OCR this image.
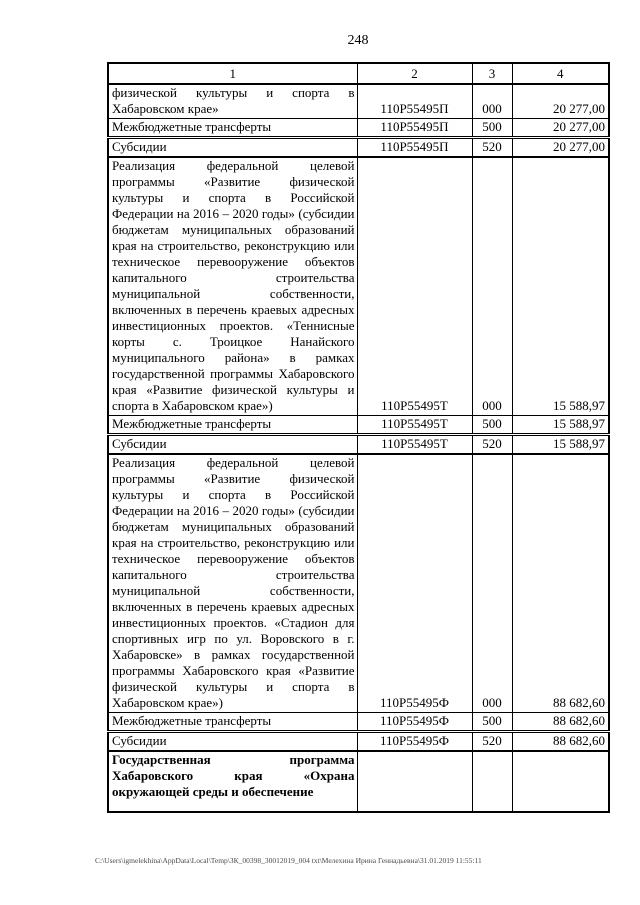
248
1	2	3	4
физической культуры и спорта в Хабаровском крае»	110Р55495П	000	20 277,00
Межбюджетные трансферты	110Р55495П	500	20 277,00
Субсидии	110Р55495П	520	20 277,00
Реализация федеральной целевой программы «Развитие физической культуры и спорта в Российской Федерации на 2016 – 2020 годы» (субсидии бюджетам муниципальных образований края на строительство, реконструкцию или техническое перевооружение объектов капитального строительства муниципальной собственности, включенных в перечень краевых адресных инвестиционных проектов. «Теннисные корты с. Троицкое Нанайского муниципального района» в рамках государственной программы Хабаровского края «Развитие физической культуры и спорта в Хабаровском крае»)	110Р55495Т	000	15 588,97
Межбюджетные трансферты	110Р55495Т	500	15 588,97
Субсидии	110Р55495Т	520	15 588,97
Реализация федеральной целевой программы «Развитие физической культуры и спорта в Российской Федерации на 2016 – 2020 годы» (субсидии бюджетам муниципальных образований края на строительство, реконструкцию или техническое перевооружение объектов капитального строительства муниципальной собственности, включенных в перечень краевых адресных инвестиционных проектов. «Стадион для спортивных игр по ул. Воровского в г. Хабаровске» в рамках государственной программы Хабаровского края «Развитие физической культуры и спорта в Хабаровском крае»)	110Р55495Ф	000	88 682,60
Межбюджетные трансферты	110Р55495Ф	500	88 682,60
Субсидии	110Р55495Ф	520	88 682,60
Государственная программа Хабаровского края «Охрана окружающей среды и обеспечение			
C:\Users\igmelekhina\AppData\Local\Temp\ЗК_00398_30012019_004 txt\Мелехина Ирина Геннадьевна\31.01.2019 11:55:11
